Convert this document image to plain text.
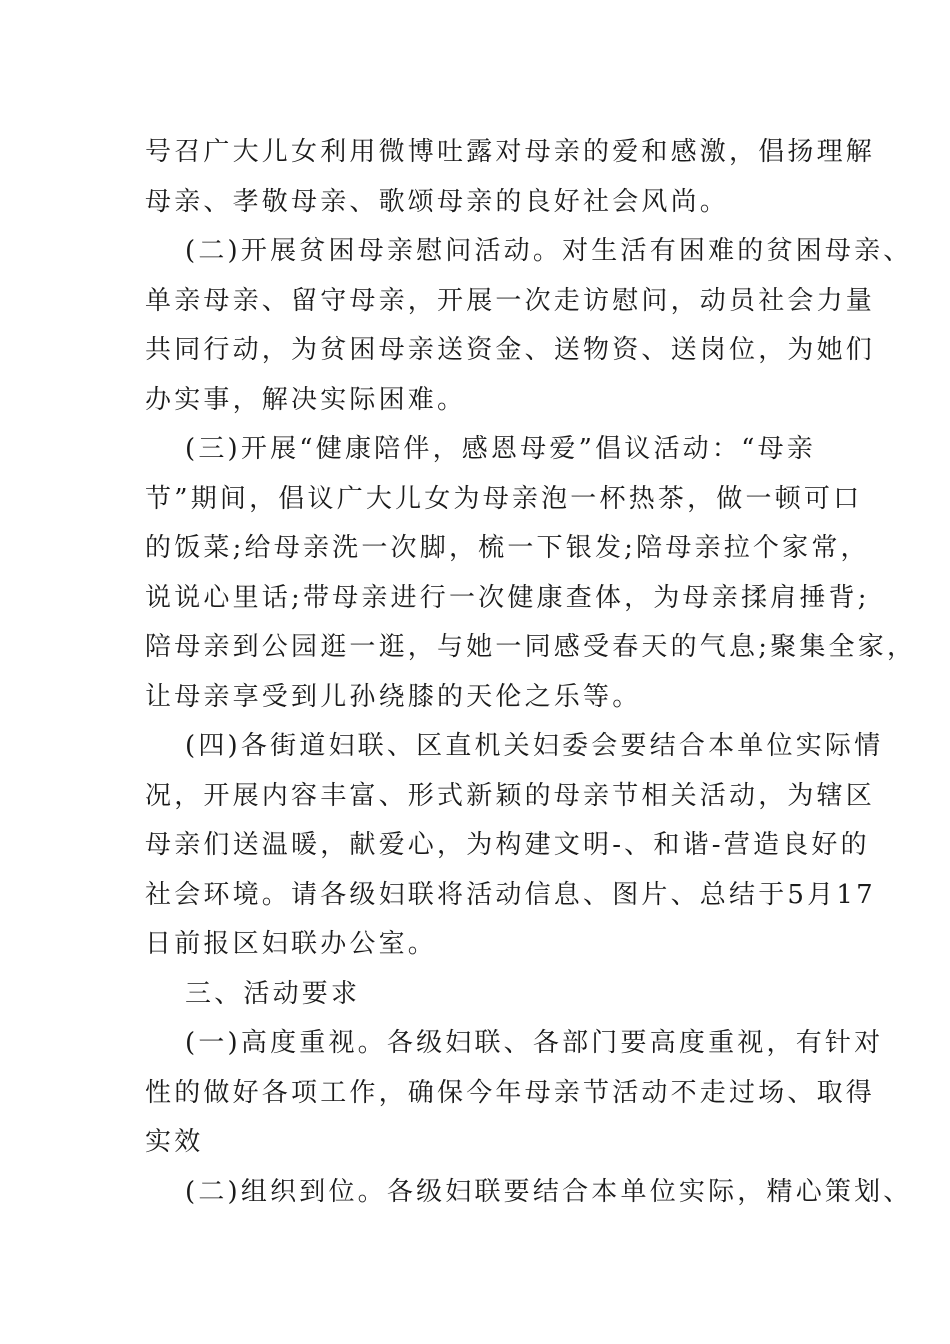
号召广大儿女利用微博吐露对母亲的爱和感激，倡扬理解
母亲、孝敬母亲、歌颂母亲的良好社会风尚。
(二)开展贫困母亲慰问活动。对生活有困难的贫困母亲、
单亲母亲、留守母亲，开展一次走访慰问，动员社会力量
共同行动，为贫困母亲送资金、送物资、送岗位，为她们
办实事，解决实际困难。
(三)开展“健康陪伴，感恩母爱”倡议活动：“母亲
节”期间，倡议广大儿女为母亲泡一杯热茶，做一顿可口
的饭菜;给母亲洗一次脚，梳一下银发;陪母亲拉个家常，
说说心里话;带母亲进行一次健康查体，为母亲揉肩捶背;
陪母亲到公园逛一逛，与她一同感受春天的气息;聚集全家，
让母亲享受到儿孙绕膝的天伦之乐等。
(四)各街道妇联、区直机关妇委会要结合本单位实际情
况，开展内容丰富、形式新颖的母亲节相关活动，为辖区
母亲们送温暖，献爱心，为构建文明-、和谐-营造良好的
社会环境。请各级妇联将活动信息、图片、总结于5月17
日前报区妇联办公室。
三、活动要求
(一)高度重视。各级妇联、各部门要高度重视，有针对
性的做好各项工作，确保今年母亲节活动不走过场、取得
实效
(二)组织到位。各级妇联要结合本单位实际，精心策划、
